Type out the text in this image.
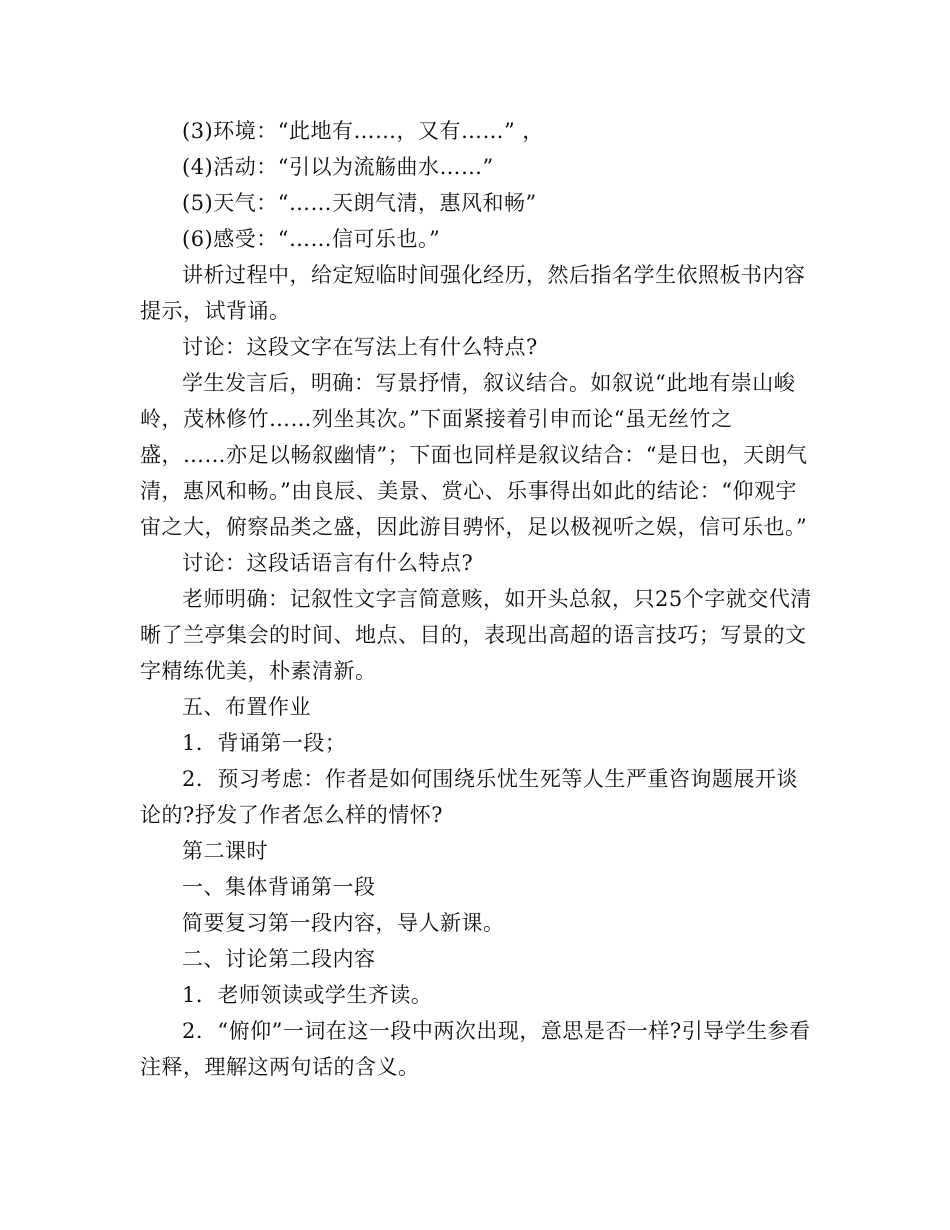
(3)环境：“此地有……，又有……” ，

(4)活动：“引以为流觞曲水……”

(5)天气：“……天朗气清，惠风和畅”

(6)感受：“……信可乐也。”

讲析过程中，给定短临时间强化经历，然后指名学生依照板书内容提示，试背诵。

讨论：这段文字在写法上有什么特点?

学生发言后，明确：写景抒情，叙议结合。如叙说“此地有崇山峻岭，茂林修竹……列坐其次。”下面紧接着引申而论“虽无丝竹之盛，……亦足以畅叙幽情”；下面也同样是叙议结合：“是日也，天朗气清，惠风和畅。”由良辰、美景、赏心、乐事得出如此的结论：“仰观宇宙之大，俯察品类之盛，因此游目骋怀，足以极视听之娱，信可乐也。”

讨论：这段话语言有什么特点?

老师明确：记叙性文字言简意赅，如开头总叙，只25个字就交代清晰了兰亭集会的时间、地点、目的，表现出高超的语言技巧；写景的文字精练优美，朴素清新。

五、布置作业

1．背诵第一段；

2．预习考虑：作者是如何围绕乐忧生死等人生严重咨询题展开谈论的?抒发了作者怎么样的情怀?

第二课时

一、集体背诵第一段

简要复习第一段内容，导人新课。

二、讨论第二段内容

1．老师领读或学生齐读。

2．“俯仰”一词在这一段中两次出现，意思是否一样?引导学生参看注释，理解这两句话的含义。
